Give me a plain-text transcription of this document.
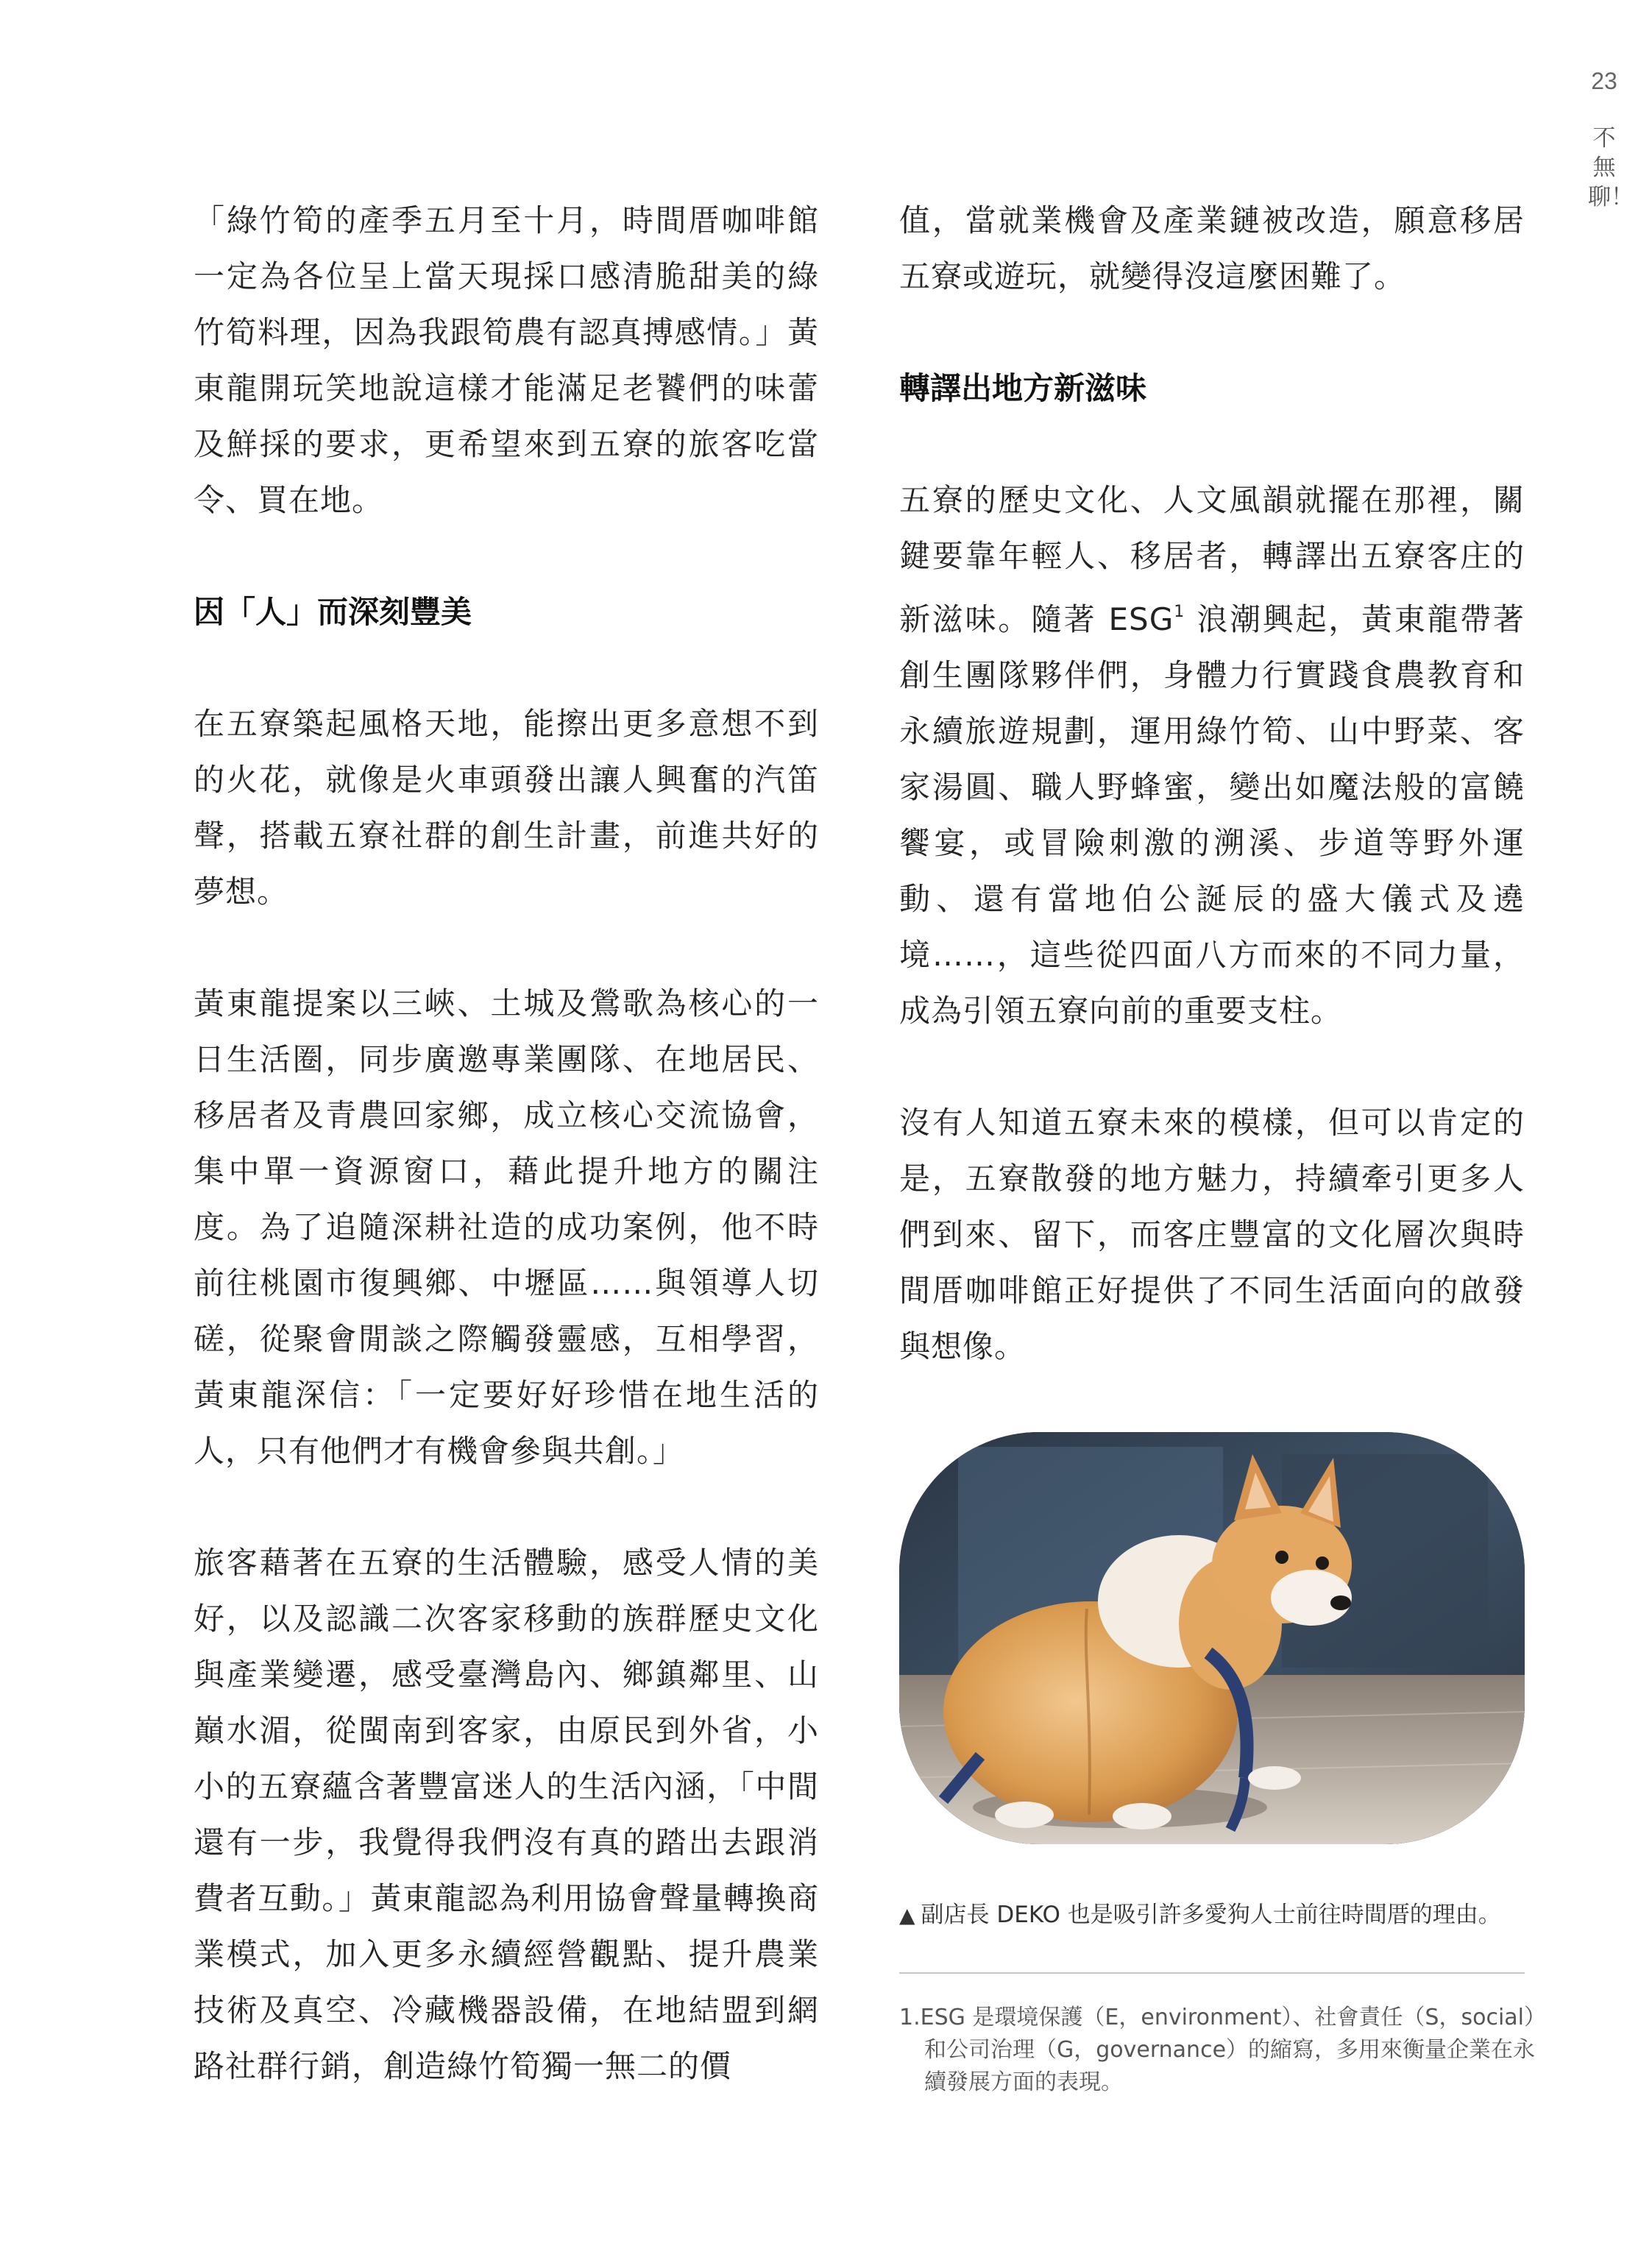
23
不無聊！

「綠竹筍的產季五月至十月，時間厝咖啡館一定為各位呈上當天現採口感清脆甜美的綠竹筍料理，因為我跟筍農有認真搏感情。」黃東龍開玩笑地說這樣才能滿足老饕們的味蕾及鮮採的要求，更希望來到五寮的旅客吃當令、買在地。

因「人」而深刻豐美

在五寮築起風格天地，能擦出更多意想不到的火花，就像是火車頭發出讓人興奮的汽笛聲，搭載五寮社群的創生計畫，前進共好的夢想。

黃東龍提案以三峽、土城及鶯歌為核心的一日生活圈，同步廣邀專業團隊、在地居民、移居者及青農回家鄉，成立核心交流協會，集中單一資源窗口，藉此提升地方的關注度。為了追隨深耕社造的成功案例，他不時前往桃園市復興鄉、中壢區……與領導人切磋，從聚會閒談之際觸發靈感，互相學習，黃東龍深信：「一定要好好珍惜在地生活的人，只有他們才有機會參與共創。」

旅客藉著在五寮的生活體驗，感受人情的美好，以及認識二次客家移動的族群歷史文化與產業變遷，感受臺灣島內、鄉鎮鄰里、山巔水湄，從閩南到客家，由原民到外省，小小的五寮蘊含著豐富迷人的生活內涵，「中間還有一步，我覺得我們沒有真的踏出去跟消費者互動。」黃東龍認為利用協會聲量轉換商業模式，加入更多永續經營觀點、提升農業技術及真空、冷藏機器設備，在地結盟到網路社群行銷，創造綠竹筍獨一無二的價

值，當就業機會及產業鏈被改造，願意移居五寮或遊玩，就變得沒這麼困難了。

轉譯出地方新滋味

五寮的歷史文化、人文風韻就擺在那裡，關鍵要靠年輕人、移居者，轉譯出五寮客庄的新滋味。隨著 ESG$^1$ 浪潮興起，黃東龍帶著創生團隊夥伴們，身體力行實踐食農教育和永續旅遊規劃，運用綠竹筍、山中野菜、客家湯圓、職人野蜂蜜，變出如魔法般的富饒饗宴，或冒險刺激的溯溪、步道等野外運動、還有當地伯公誕辰的盛大儀式及遶境……，這些從四面八方而來的不同力量，成為引領五寮向前的重要支柱。

沒有人知道五寮未來的模樣，但可以肯定的是，五寮散發的地方魅力，持續牽引更多人們到來、留下，而客庄豐富的文化層次與時間厝咖啡館正好提供了不同生活面向的啟發與想像。

▲ 副店長 DEKO 也是吸引許多愛狗人士前往時間厝的理由。
1.ESG 是環境保護（E，environment）、社會責任（S，social）和公司治理（G，governance）的縮寫，多用來衡量企業在永續發展方面的表現。
